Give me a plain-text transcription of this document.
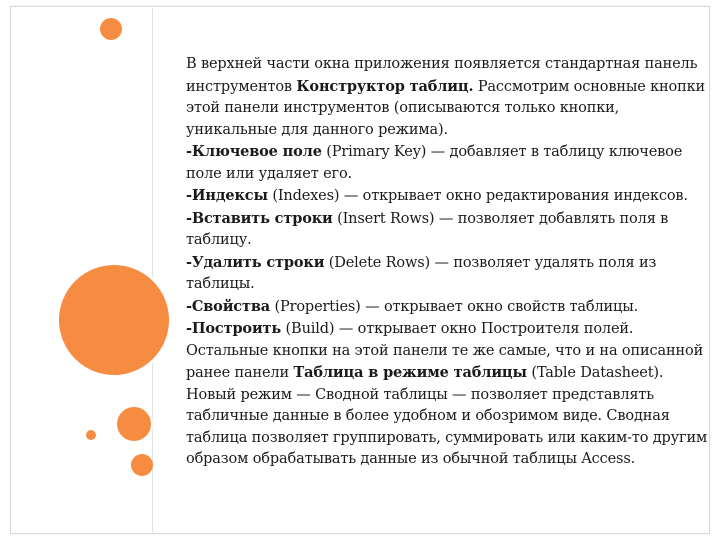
В верхней части окна приложения появляется стандартная панель инструментов Конструктор таблиц. Рассмотрим основные кнопки этой панели инструментов (описываются только кнопки, уникальные для данного режима).
-Ключевое поле (Primary Key) — добавляет в таблицу ключевое поле или удаляет его.
-Индексы (Indexes) — открывает окно редактирования индексов.
-Вставить строки (Insert Rows) — позволяет добавлять поля в таблицу.
-Удалить строки (Delete Rows) — позволяет удалять поля из таблицы.
-Свойства (Properties) — открывает окно свойств таблицы.
-Построить (Build) — открывает окно Построителя полей.
Остальные кнопки на этой панели те же самые, что и на описанной ранее панели Таблица в режиме таблицы (Table Datasheet). Новый режим — Сводной таблицы — позволяет представлять табличные данные в более удобном и обозримом виде. Сводная таблица позволяет группировать, суммировать или каким-то другим образом обрабатывать данные из обычной таблицы Access.
